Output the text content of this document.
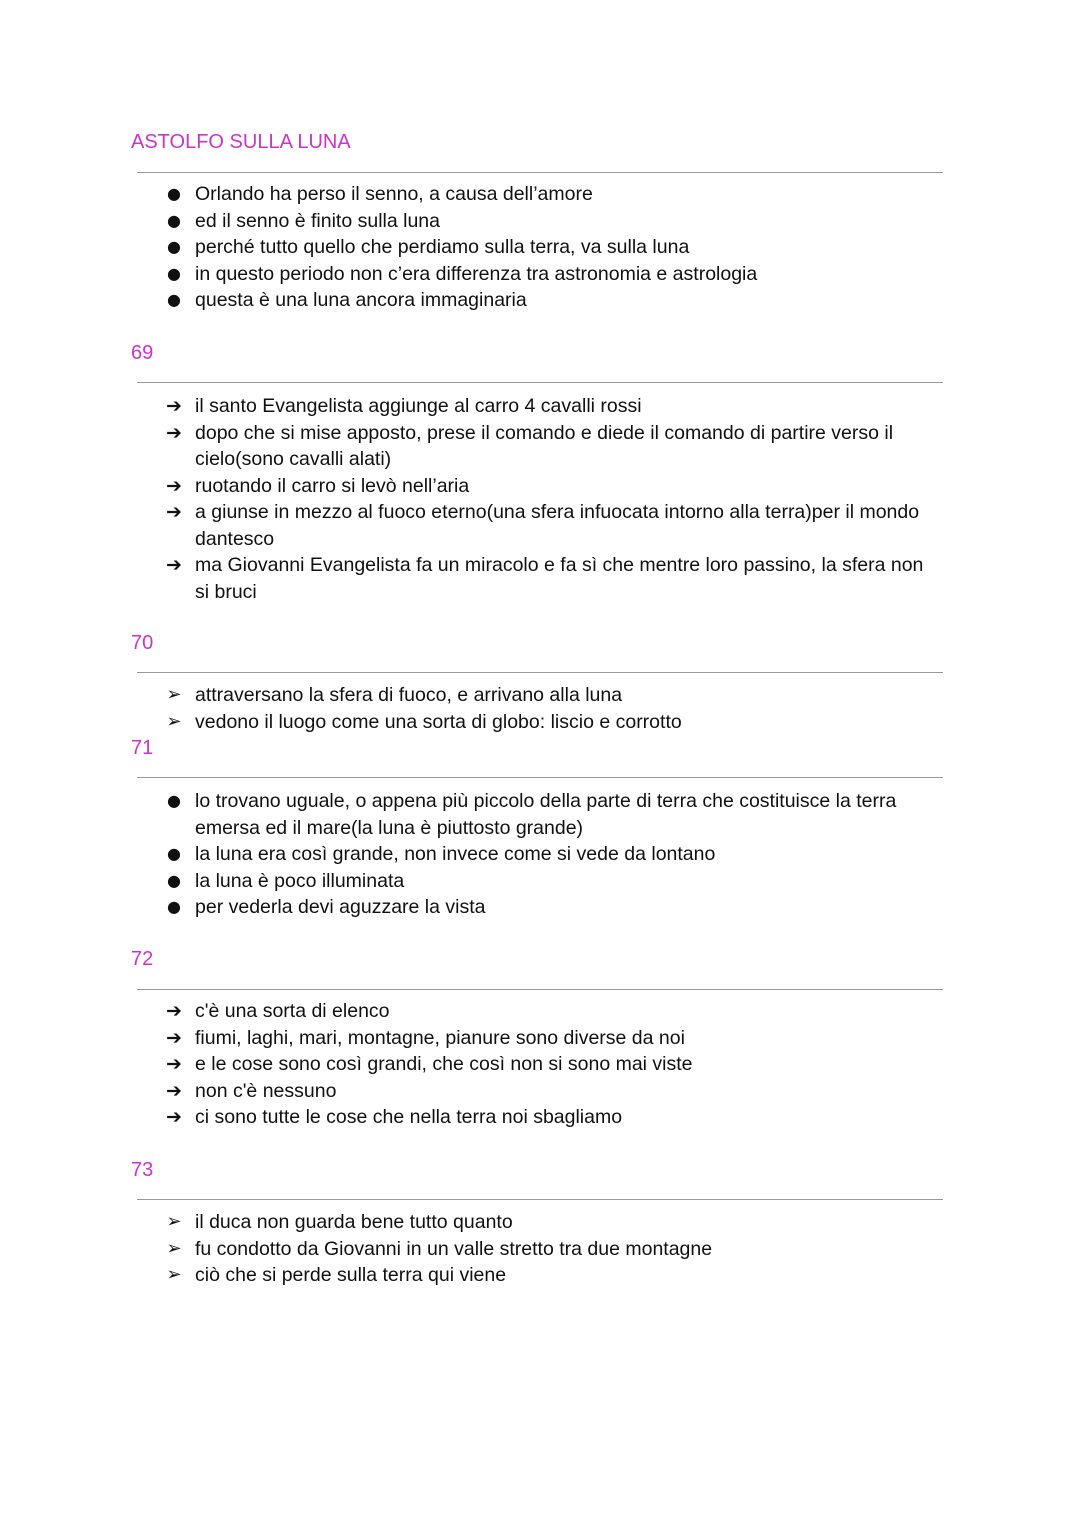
ASTOLFO SULLA LUNA
● Orlando ha perso il senno, a causa dell’amore
● ed il senno è finito sulla luna
● perché tutto quello che perdiamo sulla terra, va sulla luna
● in questo periodo non c’era differenza tra astronomia e astrologia
● questa è una luna ancora immaginaria
69
➔ il santo Evangelista aggiunge al carro 4 cavalli rossi
➔ dopo che si mise apposto, prese il comando e diede il comando di partire verso il cielo(sono cavalli alati)
➔ ruotando il carro si levò nell’aria
➔ a giunse in mezzo al fuoco eterno(una sfera infuocata intorno alla terra)per il mondo dantesco
➔ ma Giovanni Evangelista fa un miracolo e fa sì che mentre loro passino, la sfera non si bruci
70
➢ attraversano la sfera di fuoco, e arrivano alla luna
➢ vedono il luogo come una sorta di globo: liscio e corrotto
71
● lo trovano uguale, o appena più piccolo della parte di terra che costituisce la terra emersa ed il mare(la luna è piuttosto grande)
● la luna era così grande, non invece come si vede da lontano
● la luna è poco illuminata
● per vederla devi aguzzare la vista
72
➔ c'è una sorta di elenco
➔ fiumi, laghi, mari, montagne, pianure sono diverse da noi
➔ e le cose sono così grandi, che così non si sono mai viste
➔ non c'è nessuno
➔ ci sono tutte le cose che nella terra noi sbagliamo
73
➢ il duca non guarda bene tutto quanto
➢ fu condotto da Giovanni in un valle stretto tra due montagne
➢ ciò che si perde sulla terra qui viene
